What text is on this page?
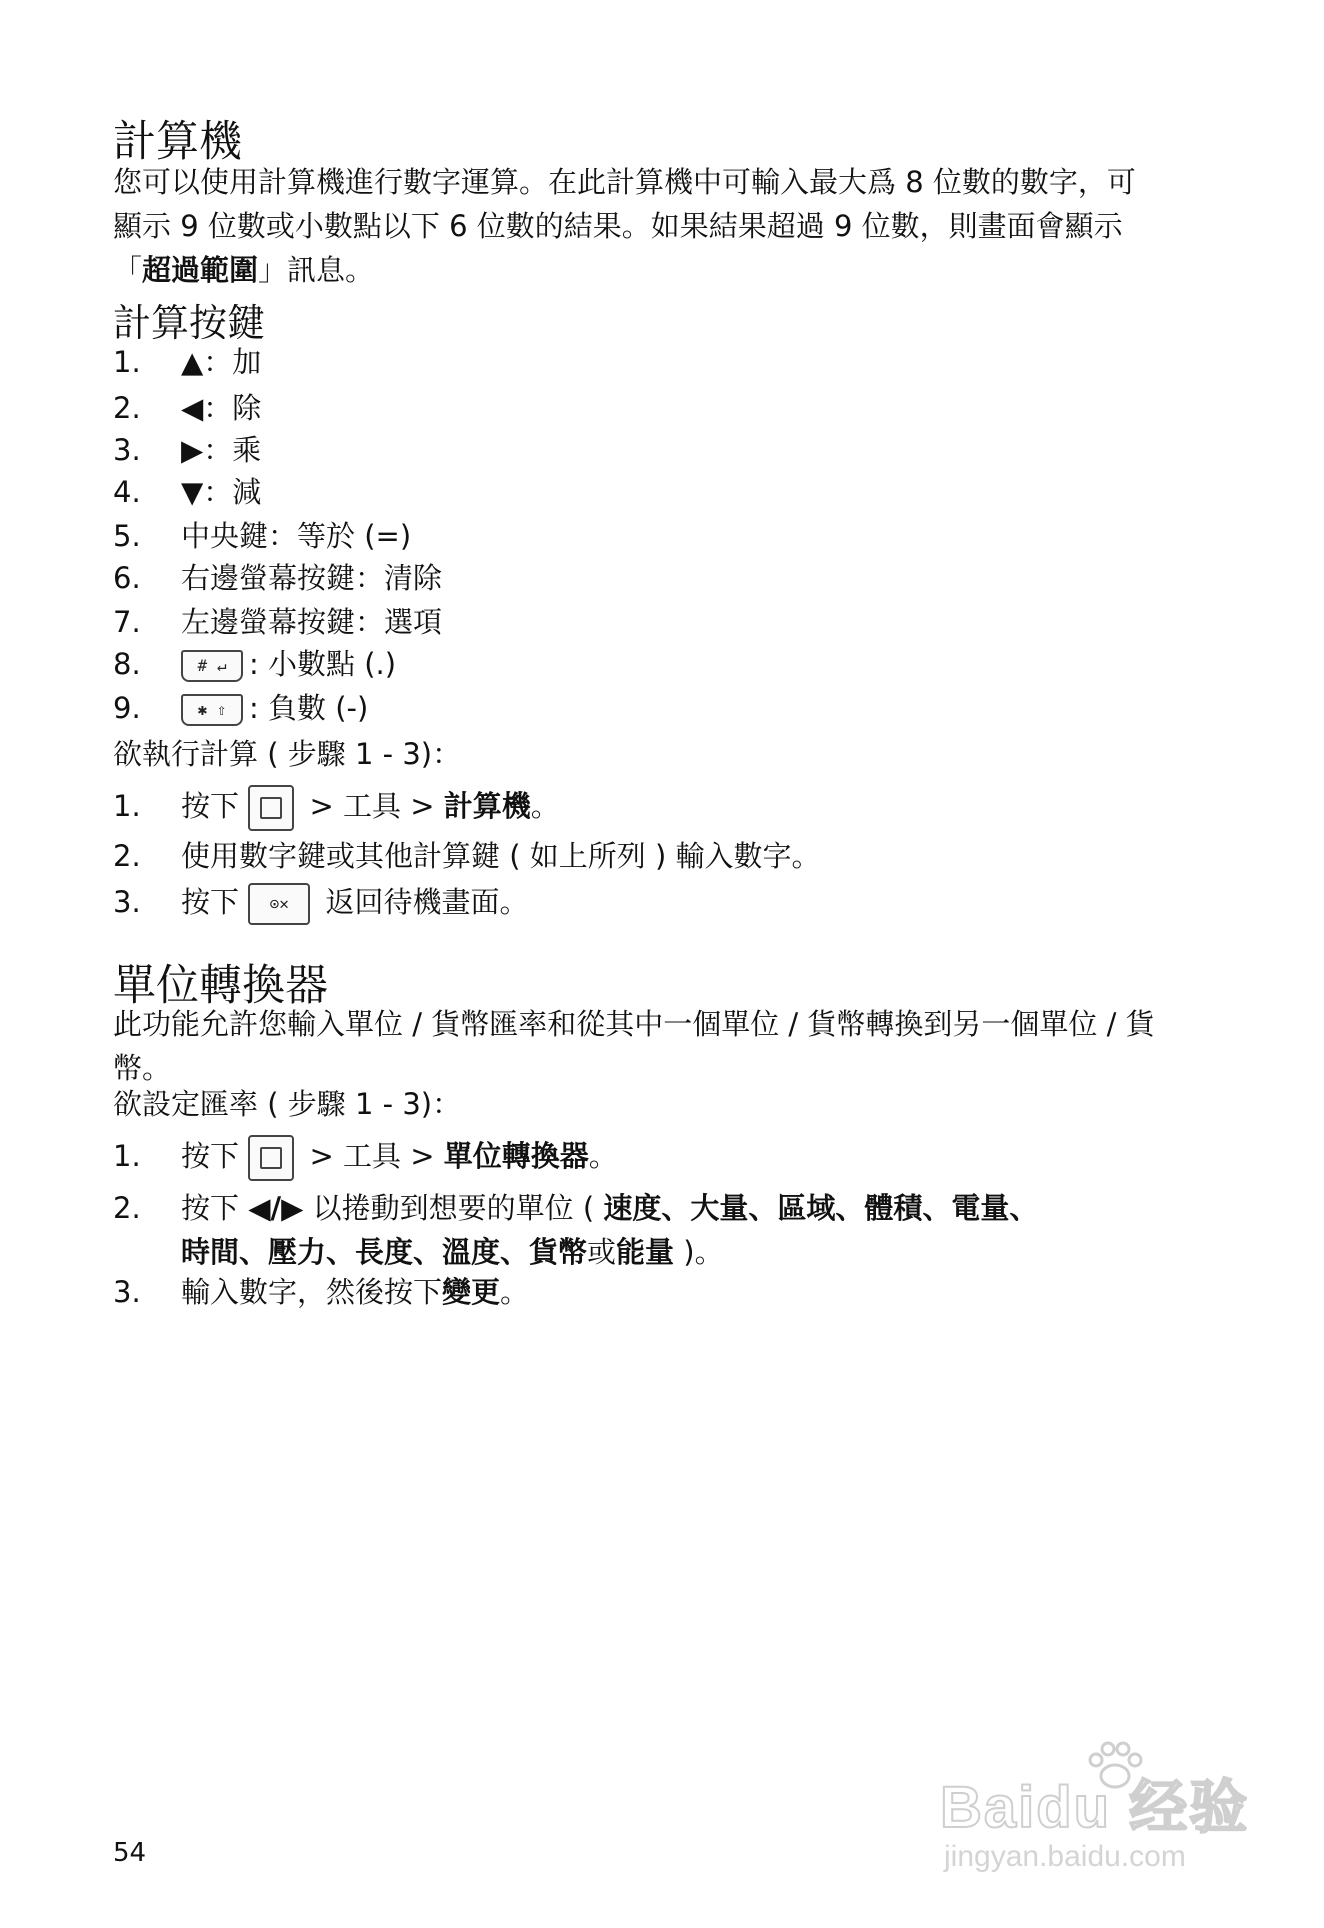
計算機

您可以使用計算機進行數字運算。在此計算機中可輸入最大爲 8 位數的數字，可顯示 9 位數或小數點以下 6 位數的結果。如果結果超過 9 位數，則畫面會顯示 「超過範圍」訊息。

計算按鍵
1.	▲：加
2.	◀：除
3.	▶：乘
4.	▼：減
5.	中央鍵：等於 (=)
6.	右邊螢幕按鍵：清除
7.	左邊螢幕按鍵：選項
8.	# ↵ : 小數點 (.)
9.	✱ ⇧ : 負數 (-)
欲執行計算 ( 步驟 1 - 3)：
1.	按下  > 工具 > 計算機。
2.	使用數字鍵或其他計算鍵 ( 如上所列 ) 輸入數字。
3.	按下 ⊙✕ 返回待機畫面。
單位轉換器

此功能允許您輸入單位 / 貨幣匯率和從其中一個單位 / 貨幣轉換到另一個單位 / 貨幣。

欲設定匯率 ( 步驟 1 - 3)：
1.	按下  > 工具 > 單位轉換器。
2.	按下 ◀/▶ 以捲動到想要的單位 ( 速度、大量、區域、體積、電量、時間、壓力、長度、溫度、貨幣或能量 )。
3.	輸入數字，然後按下變更。
54
Baidu 经验
jingyan.baidu.com
